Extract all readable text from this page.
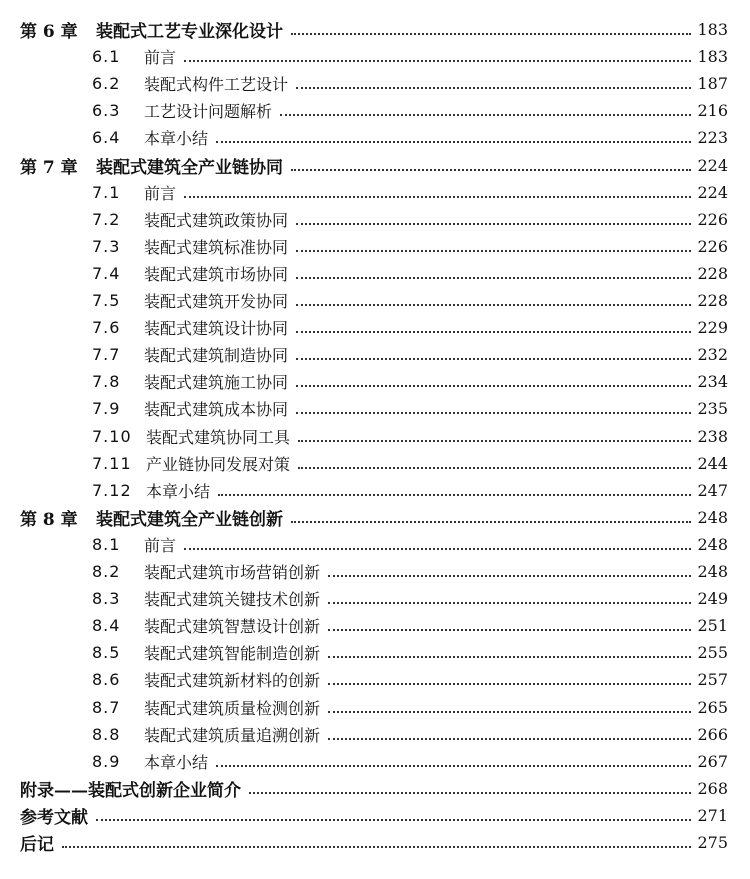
第 6 章 装配式工艺专业深化设计	183
6.1 前言	183
6.2 装配式构件工艺设计	187
6.3 工艺设计问题解析	216
6.4 本章小结	223
第 7 章 装配式建筑全产业链协同	224
7.1 前言	224
7.2 装配式建筑政策协同	226
7.3 装配式建筑标准协同	226
7.4 装配式建筑市场协同	228
7.5 装配式建筑开发协同	228
7.6 装配式建筑设计协同	229
7.7 装配式建筑制造协同	232
7.8 装配式建筑施工协同	234
7.9 装配式建筑成本协同	235
7.10 装配式建筑协同工具	238
7.11 产业链协同发展对策	244
7.12 本章小结	247
第 8 章 装配式建筑全产业链创新	248
8.1 前言	248
8.2 装配式建筑市场营销创新	248
8.3 装配式建筑关键技术创新	249
8.4 装配式建筑智慧设计创新	251
8.5 装配式建筑智能制造创新	255
8.6 装配式建筑新材料的创新	257
8.7 装配式建筑质量检测创新	265
8.8 装配式建筑质量追溯创新	266
8.9 本章小结	267
附录——装配式创新企业简介	268
参考文献	271
后记	275
